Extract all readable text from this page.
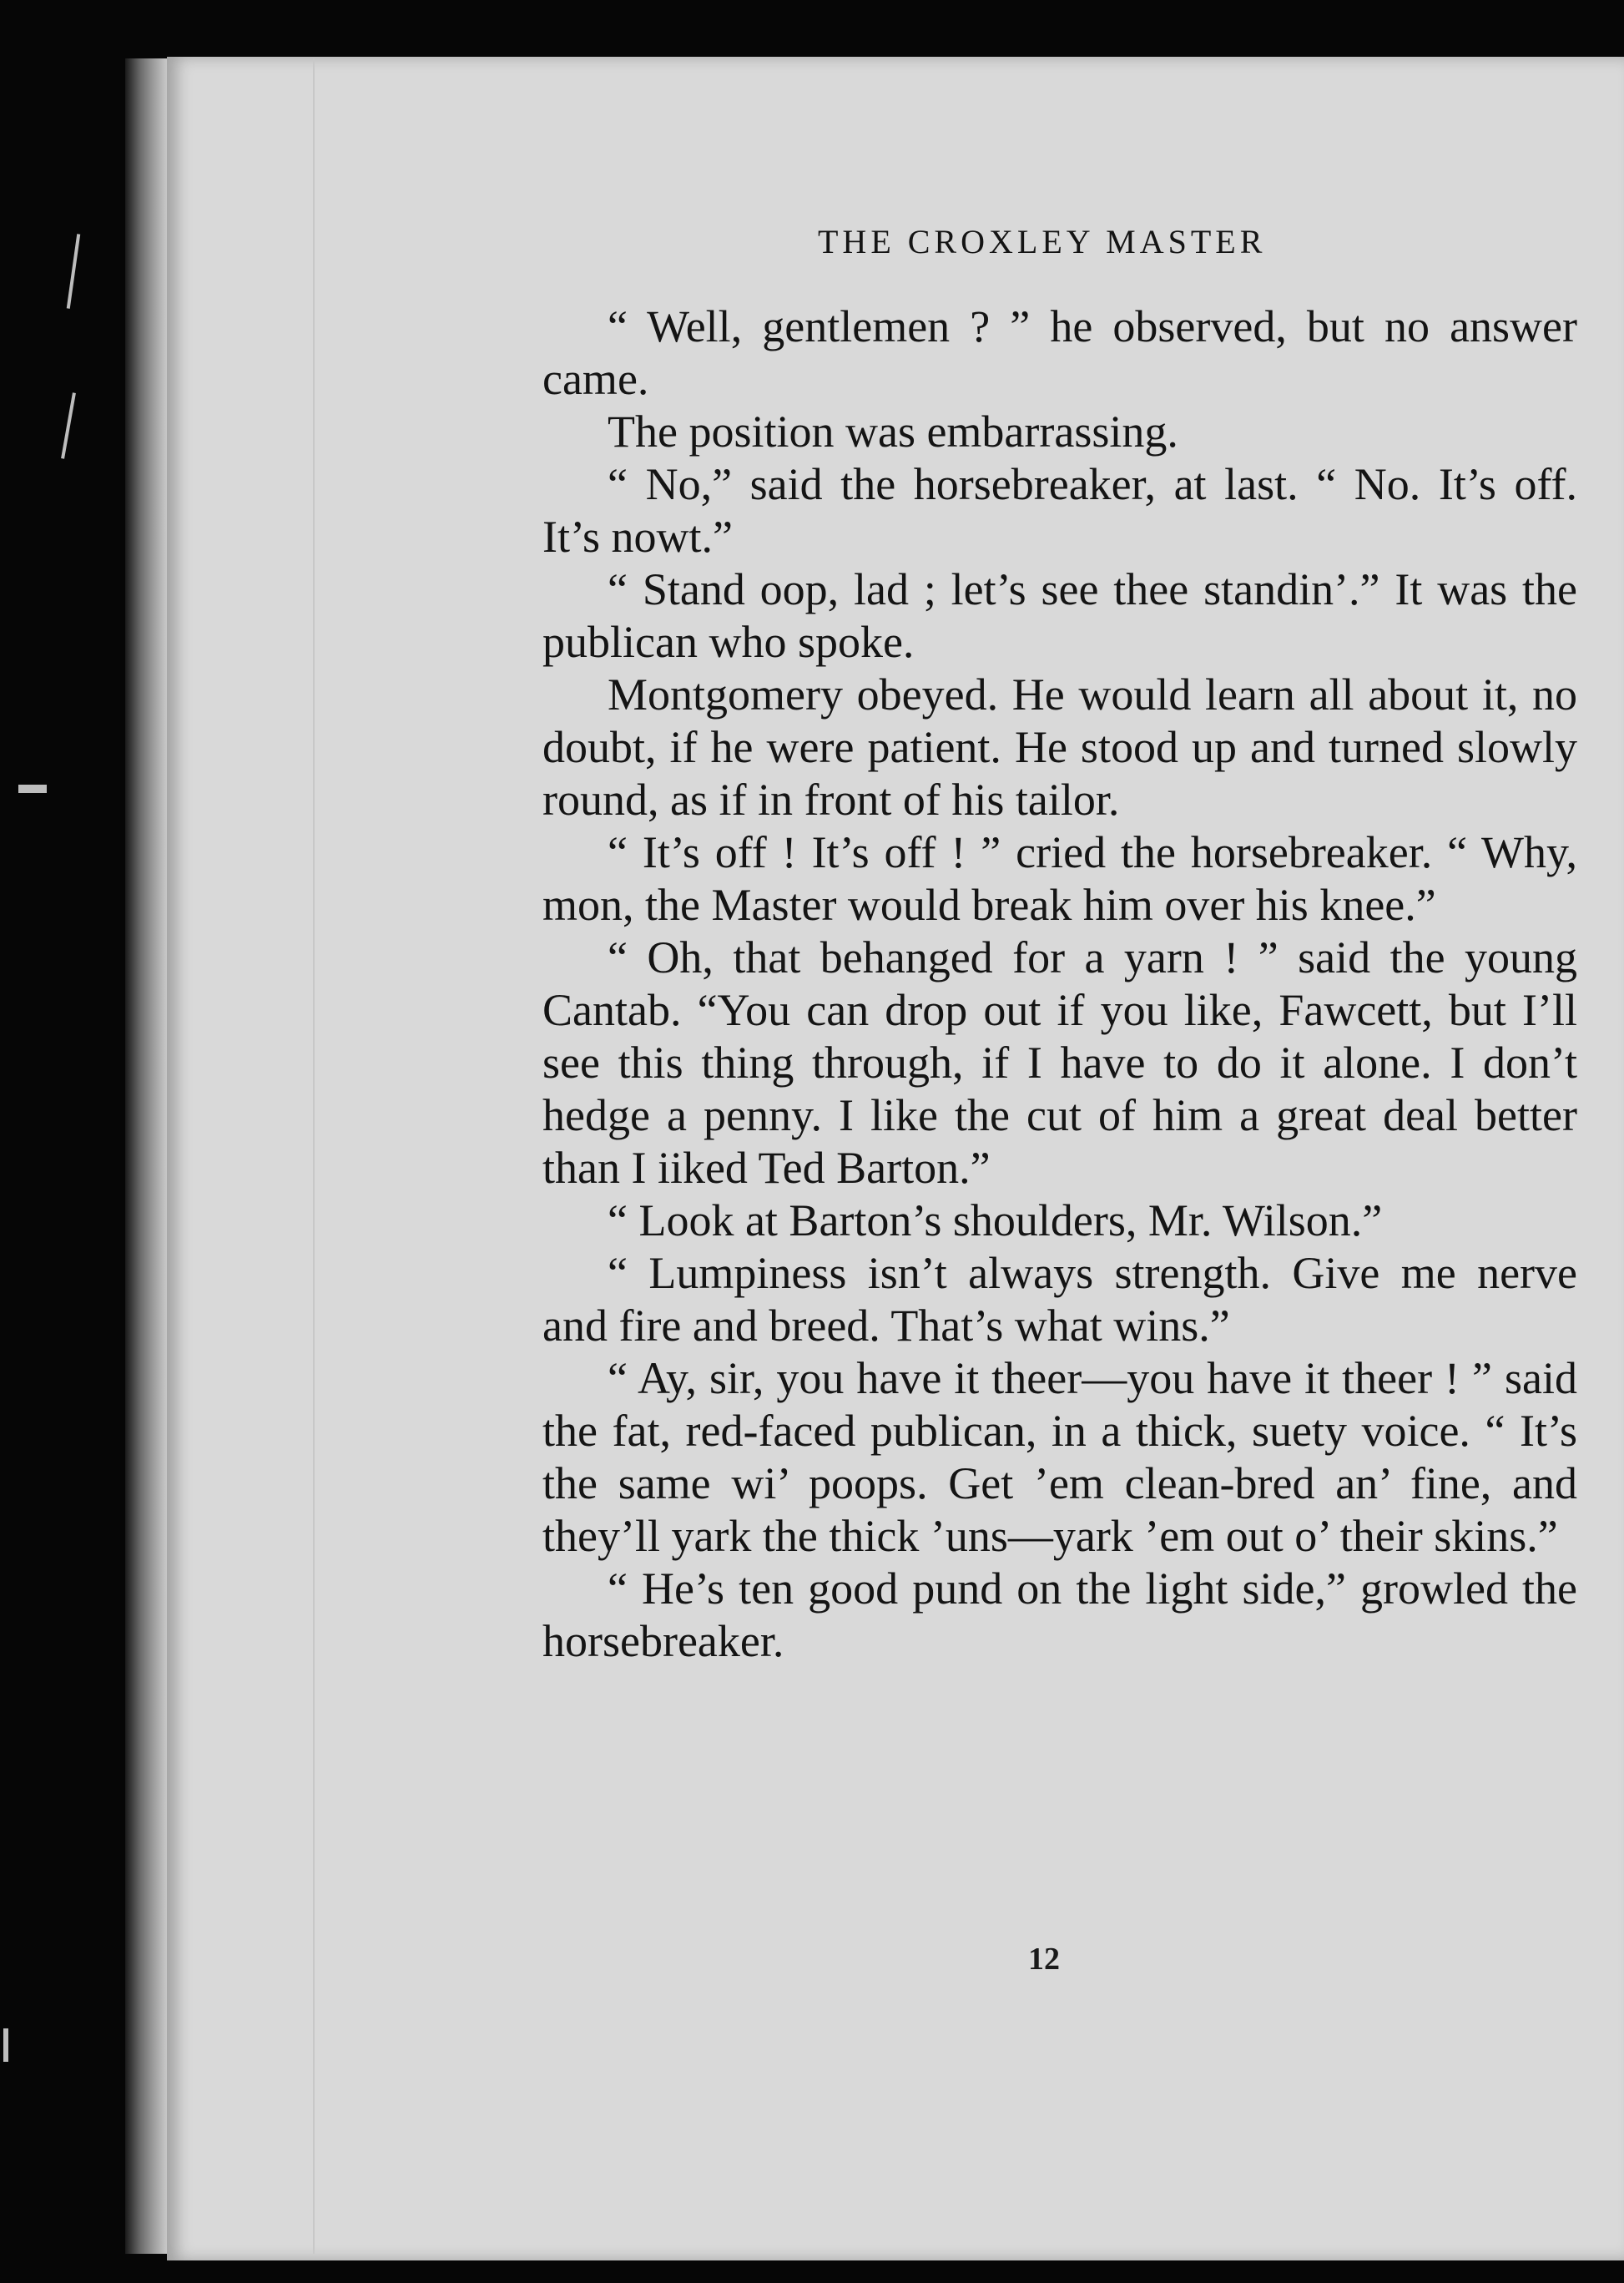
THE CROXLEY MASTER

“ Well, gentlemen ? ” he observed, but no answer came.

The position was embarrassing.

“ No,” said the horsebreaker, at last. “ No. It’s off. It’s nowt.”

“ Stand oop, lad ; let’s see thee standin’.” It was the publican who spoke.

Montgomery obeyed. He would learn all about it, no doubt, if he were patient. He stood up and turned slowly round, as if in front of his tailor.

“ It’s off ! It’s off ! ” cried the horsebreaker. “ Why, mon, the Master would break him over his knee.”

“ Oh, that behanged for a yarn ! ” said the young Cantab. “You can drop out if you like, Fawcett, but I’ll see this thing through, if I have to do it alone. I don’t hedge a penny. I like the cut of him a great deal better than I iiked Ted Barton.”

“ Look at Barton’s shoulders, Mr. Wilson.”

“ Lumpiness isn’t always strength. Give me nerve and fire and breed. That’s what wins.”

“ Ay, sir, you have it theer—you have it theer ! ” said the fat, red-faced publican, in a thick, suety voice. “ It’s the same wi’ poops. Get ’em clean-bred an’ fine, and they’ll yark the thick ’uns—yark ’em out o’ their skins.”

“ He’s ten good pund on the light side,” growled the horsebreaker.

12
